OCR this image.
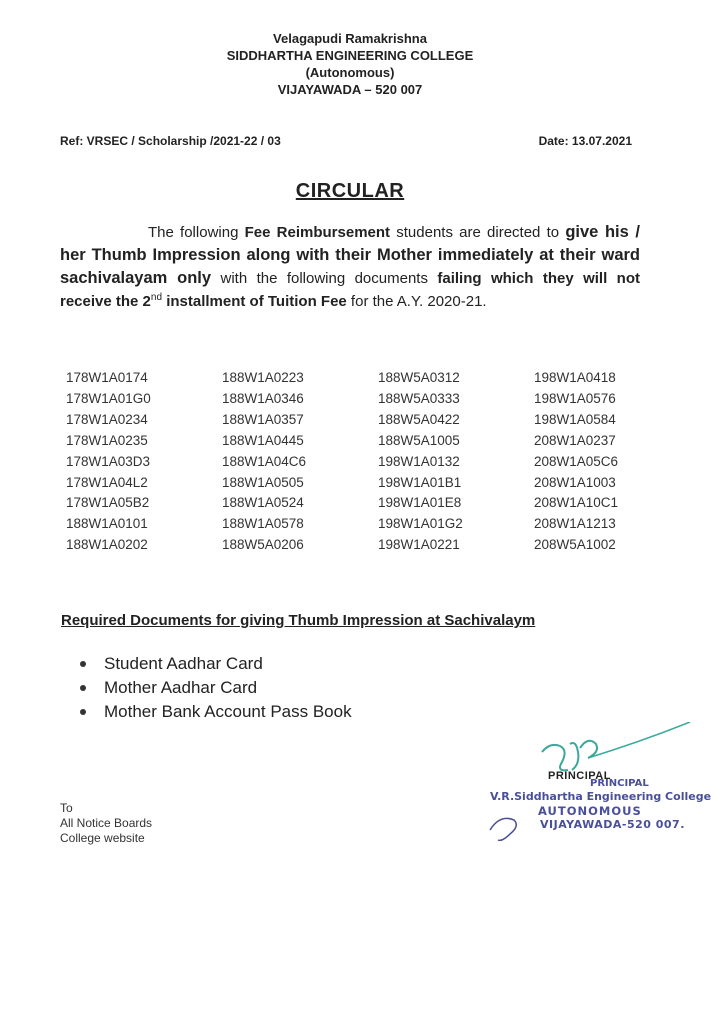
Velagapudi Ramakrishna
SIDDHARTHA ENGINEERING COLLEGE
(Autonomous)
VIJAYAWADA – 520 007
Ref: VRSEC / Scholarship /2021-22 / 03	Date: 13.07.2021
CIRCULAR
The following Fee Reimbursement students are directed to give his / her Thumb Impression along with their Mother immediately at their ward sachivalayam only with the following documents failing which they will not receive the 2nd installment of Tuition Fee for the A.Y. 2020-21.
178W1A0174	188W1A0223	188W5A0312	198W1A0418
178W1A01G0	188W1A0346	188W5A0333	198W1A0576
178W1A0234	188W1A0357	188W5A0422	198W1A0584
178W1A0235	188W1A0445	188W5A1005	208W1A0237
178W1A03D3	188W1A04C6	198W1A0132	208W1A05C6
178W1A04L2	188W1A0505	198W1A01B1	208W1A1003
178W1A05B2	188W1A0524	198W1A01E8	208W1A10C1
188W1A0101	188W1A0578	198W1A01G2	208W1A1213
188W1A0202	188W5A0206	198W1A0221	208W5A1002
Required Documents for giving Thumb Impression at Sachivalaym
Student Aadhar Card
Mother Aadhar Card
Mother Bank Account Pass Book
PRINCIPAL
PRINCIPAL
V.R.Siddhartha Engineering College
AUTONOMOUS
VIJAYAWADA-520 007.
To
All Notice Boards
College website
